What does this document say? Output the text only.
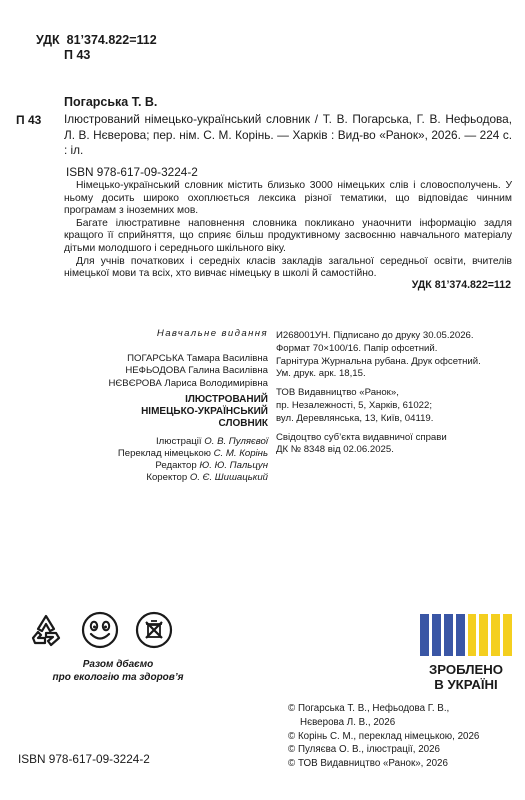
УДК 81’374.822=112
П 43
Погарська Т. В.
П 43 Ілюстрований німецько-український словник / Т. В. Погарська, Г. В. Нефьодова, Л. В. Нєверова; пер. нім. С. М. Корінь. — Харків : Вид-во «Ранок», 2026. — 224 с. : іл.
ISBN 978-617-09-3224-2

Німецько-український словник містить близько 3000 німецьких слів і словосполучень. У ньому досить широко охоплюється лексика різної тематики, що відповідає чинним програмам з іноземних мов.

Багате ілюстративне наповнення словника покликано унаочнити інформацію задля кращого її сприйняття, що сприяє більш продуктивному засвоєнню навчального матеріалу дітьми молодшого і середнього шкільного віку.

Для учнів початкових і середніх класів закладів загальної середньої освіти, вчителів німецької мови та всіх, хто вивчає німецьку в школі й самостійно.

УДК 81’374.822=112
Навчальне видання
ПОГАРСЬКА Тамара Василівна
НЕФЬОДОВА Галина Василівна
НЄВЄРОВА Лариса Володимирівна
ІЛЮСТРОВАНИЙ
НІМЕЦЬКО-УКРАЇНСЬКИЙ СЛОВНИК
Ілюстрації О. В. Пуляєвої
Переклад німецькою С. М. Корінь
Редактор Ю. Ю. Пальцун
Коректор О. Є. Шишацький
И268001УН. Підписано до друку 30.05.2026.
Формат 70×100/16. Папір офсетний.
Гарнітура Журнальна рубана. Друк офсетний.
Ум. друк. арк. 18,15.
ТОВ Видавництво «Ранок»,
пр. Незалежності, 5, Харків, 61022;
вул. Деревлянська, 13, Київ, 04119.
Свідоцтво суб’єкта видавничої справи
ДК № 8348 від 02.06.2025.
Разом дбаємо
про екологію та здоров’я
ЗРОБЛЕНО
В УКРАЇНІ
© Погарська Т. В., Нефьодова Г. В.,
Нєверова Л. В., 2026
© Корінь С. М., переклад німецькою, 2026
© Пуляєва О. В., ілюстрації, 2026
© ТОВ Видавництво «Ранок», 2026
ISBN 978-617-09-3224-2
